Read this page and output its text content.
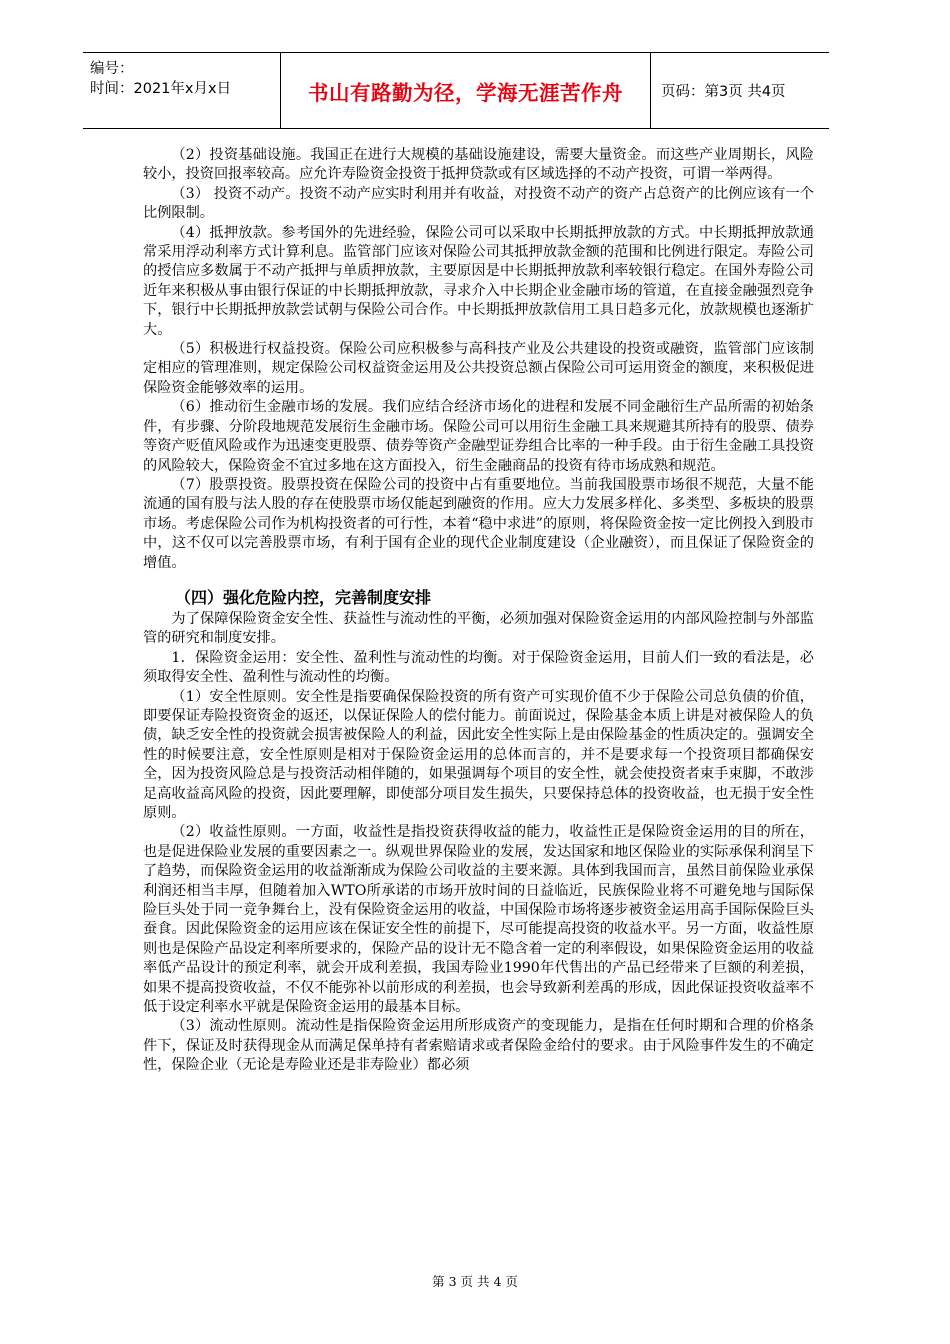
编号：
时间：2021年x月x日	书山有路勤为径，学海无涯苦作舟	页码：第3页 共4页

（2）投资基础设施。我国正在进行大规模的基础设施建设，需要大量资金。而这些产业周期长，风险较小，投资回报率较高。应允许寿险资金投资于抵押贷款或有区域选择的不动产投资，可谓一举两得。

（3） 投资不动产。投资不动产应实时利用并有收益，对投资不动产的资产占总资产的比例应该有一个比例限制。

（4）抵押放款。参考国外的先进经验，保险公司可以采取中长期抵押放款的方式。中长期抵押放款通常采用浮动利率方式计算利息。监管部门应该对保险公司其抵押放款金额的范围和比例进行限定。寿险公司的授信应多数属于不动产抵押与单质押放款，主要原因是中长期抵押放款利率较银行稳定。在国外寿险公司近年来积极从事由银行保证的中长期抵押放款，寻求介入中长期企业金融市场的管道，在直接金融强烈竞争下，银行中长期抵押放款尝试朝与保险公司合作。中长期抵押放款信用工具日趋多元化，放款规模也逐渐扩大。

（5）积极进行权益投资。保险公司应积极参与高科技产业及公共建设的投资或融资，监管部门应该制定相应的管理准则，规定保险公司权益资金运用及公共投资总额占保险公司可运用资金的额度，来积极促进保险资金能够效率的运用。

（6）推动衍生金融市场的发展。我们应结合经济市场化的进程和发展不同金融衍生产品所需的初始条件，有步骤、分阶段地规范发展衍生金融市场。保险公司可以用衍生金融工具来规避其所持有的股票、债券等资产贬值风险或作为迅速变更股票、债券等资产金融型证券组合比率的一种手段。由于衍生金融工具投资的风险较大，保险资金不宜过多地在这方面投入，衍生金融商品的投资有待市场成熟和规范。

（7）股票投资。股票投资在保险公司的投资中占有重要地位。当前我国股票市场很不规范，大量不能流通的国有股与法人股的存在使股票市场仅能起到融资的作用。应大力发展多样化、多类型、多板块的股票市场。考虑保险公司作为机构投资者的可行性，本着“稳中求进”的原则，将保险资金按一定比例投入到股市中，这不仅可以完善股票市场，有利于国有企业的现代企业制度建设（企业融资），而且保证了保险资金的增值。

（四）强化危险内控，完善制度安排

为了保障保险资金安全性、获益性与流动性的平衡，必须加强对保险资金运用的内部风险控制与外部监管的研究和制度安排。

1．保险资金运用：安全性、盈利性与流动性的均衡。对于保险资金运用，目前人们一致的看法是，必须取得安全性、盈利性与流动性的均衡。

（1）安全性原则。安全性是指要确保保险投资的所有资产可实现价值不少于保险公司总负债的价值，即要保证寿险投资资金的返还，以保证保险人的偿付能力。前面说过，保险基金本质上讲是对被保险人的负债，缺乏安全性的投资就会损害被保险人的利益，因此安全性实际上是由保险基金的性质决定的。强调安全性的时候要注意，安全性原则是相对于保险资金运用的总体而言的，并不是要求每一个投资项目都确保安全，因为投资风险总是与投资活动相伴随的，如果强调每个项目的安全性，就会使投资者束手束脚，不敢涉足高收益高风险的投资，因此要理解，即使部分项目发生损失，只要保持总体的投资收益，也无损于安全性原则。

（2）收益性原则。一方面，收益性是指投资获得收益的能力，收益性正是保险资金运用的目的所在，也是促进保险业发展的重要因素之一。纵观世界保险业的发展，发达国家和地区保险业的实际承保利润呈下了趋势，而保险资金运用的收益渐渐成为保险公司收益的主要来源。具体到我国而言，虽然目前保险业承保利润还相当丰厚，但随着加入WTO所承诺的市场开放时间的日益临近，民族保险业将不可避免地与国际保险巨头处于同一竞争舞台上，没有保险资金运用的收益，中国保险市场将逐步被资金运用高手国际保险巨头蚕食。因此保险资金的运用应该在保证安全性的前提下，尽可能提高投资的收益水平。另一方面，收益性原则也是保险产品设定利率所要求的，保险产品的设计无不隐含着一定的利率假设，如果保险资金运用的收益率低产品设计的预定利率，就会开成利差损，我国寿险业1990年代售出的产品已经带来了巨额的利差损，如果不提高投资收益，不仅不能弥补以前形成的利差损，也会导致新利差禹的形成，因此保证投资收益率不低于设定利率水平就是保险资金运用的最基本目标。

（3）流动性原则。流动性是指保险资金运用所形成资产的变现能力，是指在任何时期和合理的价格条件下，保证及时获得现金从而满足保单持有者索赔请求或者保险金给付的要求。由于风险事件发生的不确定性，保险企业（无论是寿险业还是非寿险业）都必须

第 3 页 共 4 页
